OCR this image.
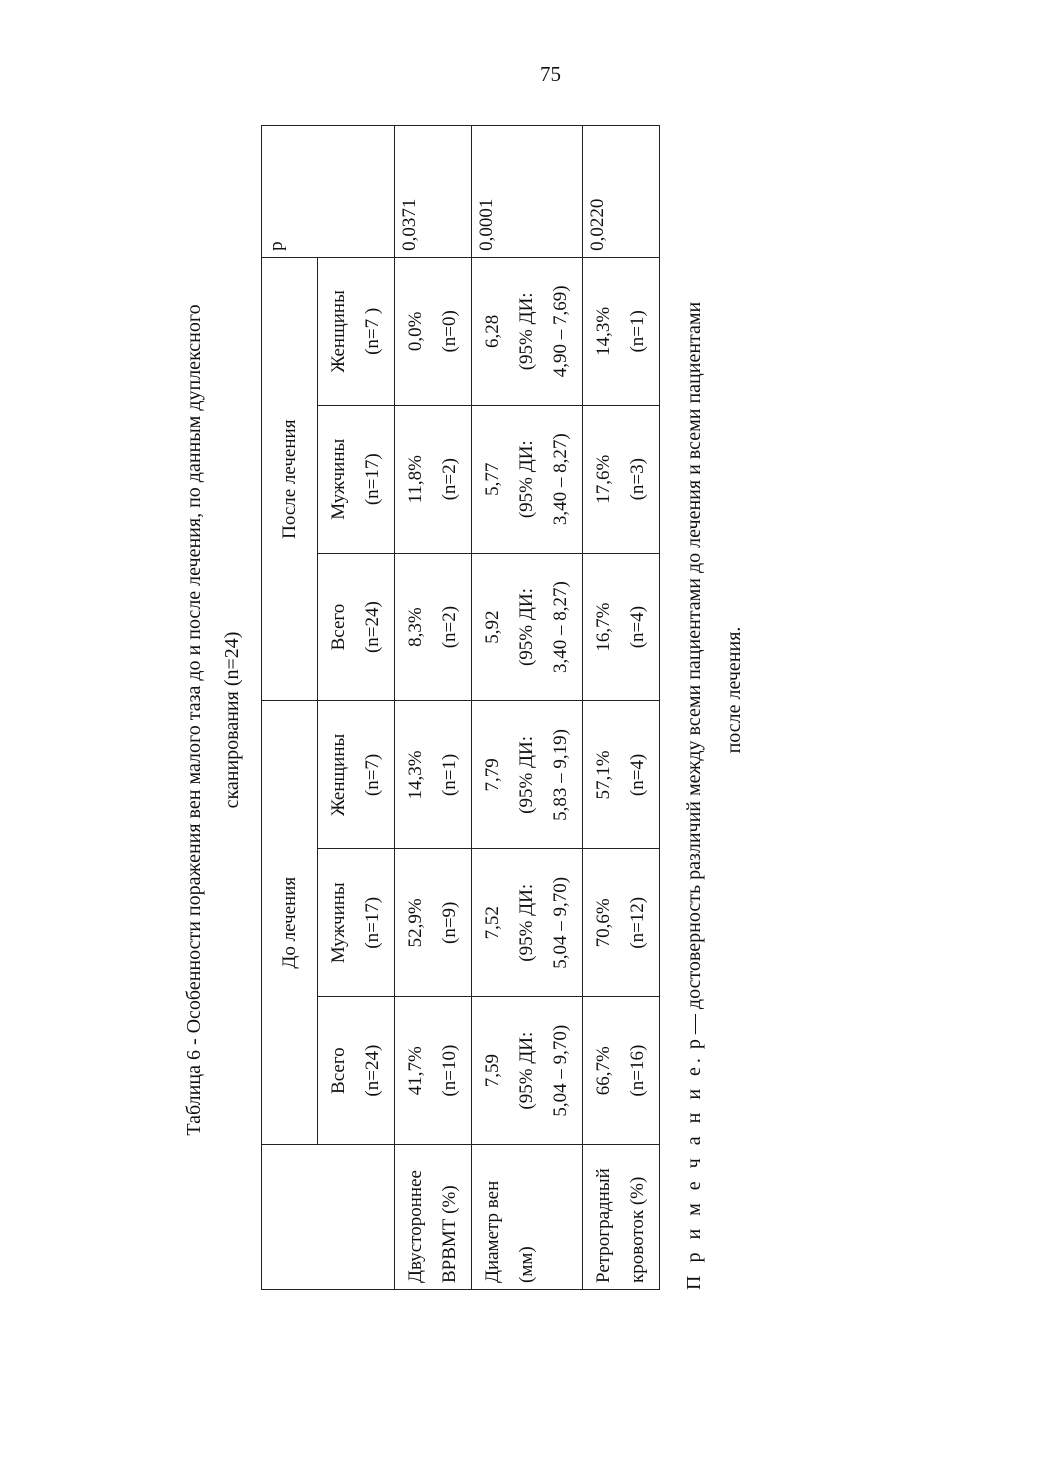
75
Таблица 6 - Особенности поражения вен малого таза до и после лечения, по данным дуплексного сканирования (n=24)
	До лечения			После лечения			p

	Всего (n=24)	Мужчины (n=17)	Женщины (n=7)	Всего (n=24)	Мужчины (n=17)	Женщины (n=7 )	

Двустороннее ВРВМТ (%)	41,7% (n=10)	52,9% (n=9)	14,3% (n=1)	8,3% (n=2)	11,8% (n=2)	0,0% (n=0)	0,0371

Диаметр вен (мм)	7,59 (95% ДИ: 5,04 – 9,70)	7,52 (95% ДИ: 5,04 – 9,70)	7,79 (95% ДИ: 5,83 – 9,19)	5,92 (95% ДИ: 3,40 – 8,27)	5,77 (95% ДИ: 3,40 – 8,27)	6,28 (95% ДИ: 4,90 – 7,69)	0,0001

Ретроградный кровоток (%)	66,7% (n=16)	70,6% (n=12)	57,1% (n=4)	16,7% (n=4)	17,6% (n=3)	14,3% (n=1)	0,0220
П р и м е ч а н и е. p — достоверность различий между всеми пациентами до лечения и всеми пациентами после лечения.
